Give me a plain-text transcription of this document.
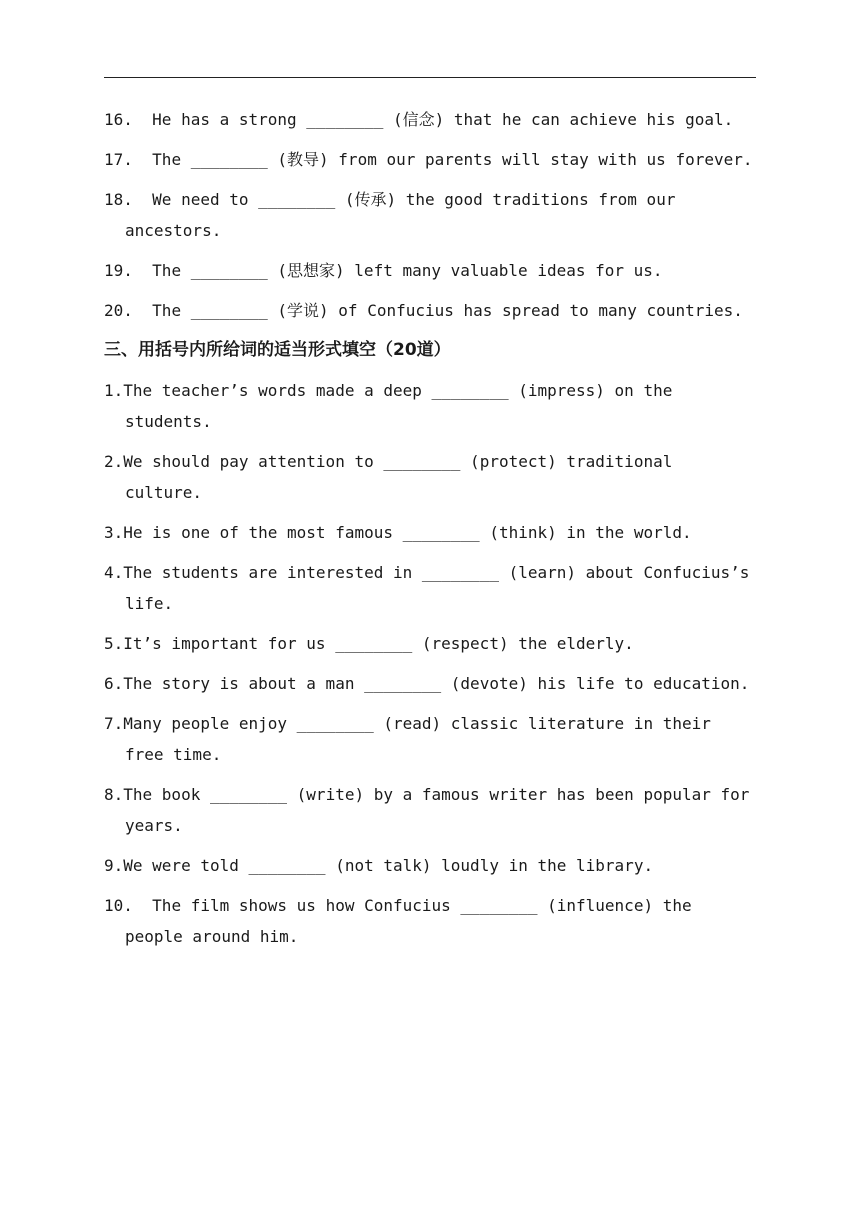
16.  He has a strong ________ (信念) that he can achieve his goal.
17.  The ________ (教导) from our parents will stay with us forever.
18.  We need to ________ (传承) the good traditions from our ancestors.
19.  The ________ (思想家) left many valuable ideas for us.
20.  The ________ (学说) of Confucius has spread to many countries.
三、用括号内所给词的适当形式填空（20道）
1.The teacher’s words made a deep ________ (impress) on the students.
2.We should pay attention to ________ (protect) traditional culture.
3.He is one of the most famous ________ (think) in the world.
4.The students are interested in ________ (learn) about Confucius’s life.
5.It’s important for us ________ (respect) the elderly.
6.The story is about a man ________ (devote) his life to education.
7.Many people enjoy ________ (read) classic literature in their free time.
8.The book ________ (write) by a famous writer has been popular for years.
9.We were told ________ (not talk) loudly in the library.
10.  The film shows us how Confucius ________ (influence) the people around him.
